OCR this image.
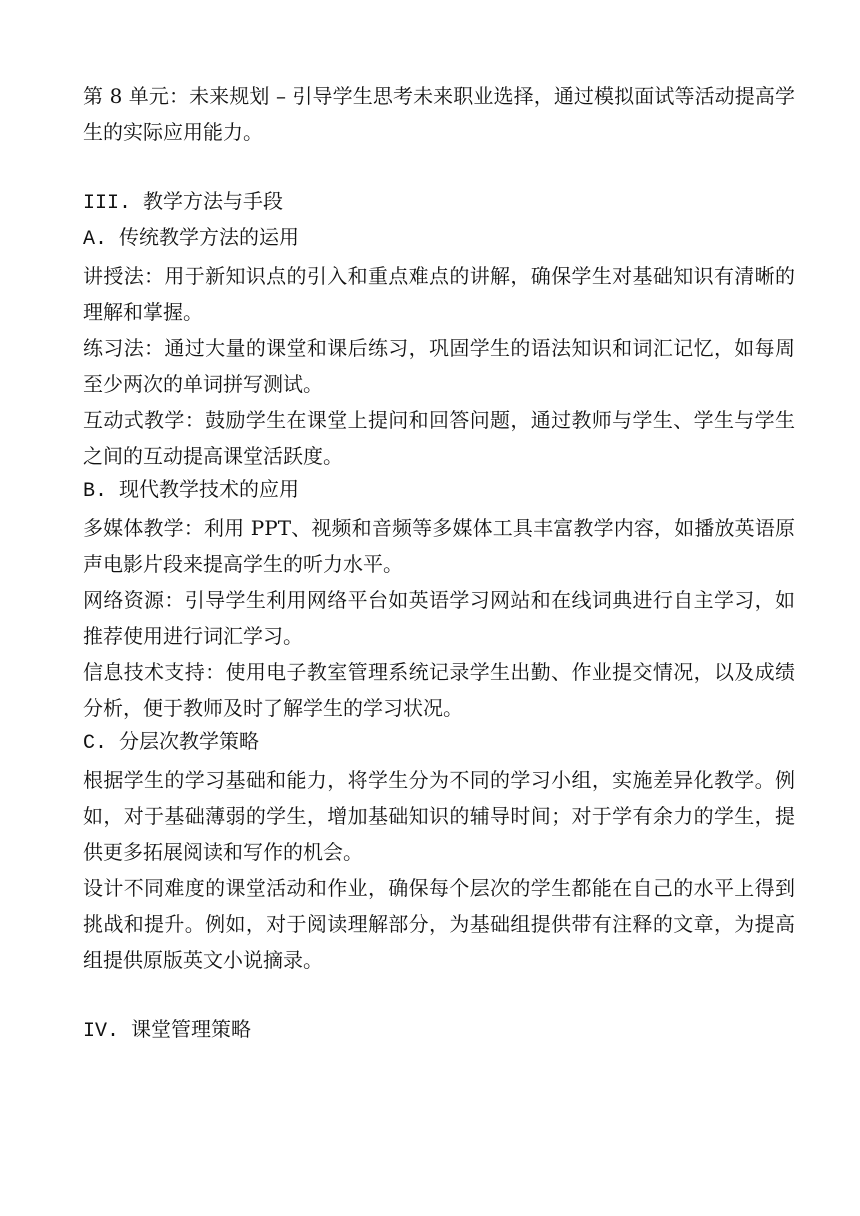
第 8 单元：未来规划 – 引导学生思考未来职业选择，通过模拟面试等活动提高学生的实际应用能力。

III. 教学方法与手段

A. 传统教学方法的运用

讲授法：用于新知识点的引入和重点难点的讲解，确保学生对基础知识有清晰的理解和掌握。

练习法：通过大量的课堂和课后练习，巩固学生的语法知识和词汇记忆，如每周至少两次的单词拼写测试。

互动式教学：鼓励学生在课堂上提问和回答问题，通过教师与学生、学生与学生之间的互动提高课堂活跃度。

B. 现代教学技术的应用

多媒体教学：利用 PPT、视频和音频等多媒体工具丰富教学内容，如播放英语原声电影片段来提高学生的听力水平。

网络资源：引导学生利用网络平台如英语学习网站和在线词典进行自主学习，如推荐使用进行词汇学习。

信息技术支持：使用电子教室管理系统记录学生出勤、作业提交情况，以及成绩分析，便于教师及时了解学生的学习状况。

C. 分层次教学策略

根据学生的学习基础和能力，将学生分为不同的学习小组，实施差异化教学。例如，对于基础薄弱的学生，增加基础知识的辅导时间；对于学有余力的学生，提供更多拓展阅读和写作的机会。

设计不同难度的课堂活动和作业，确保每个层次的学生都能在自己的水平上得到挑战和提升。例如，对于阅读理解部分，为基础组提供带有注释的文章，为提高组提供原版英文小说摘录。

IV. 课堂管理策略
